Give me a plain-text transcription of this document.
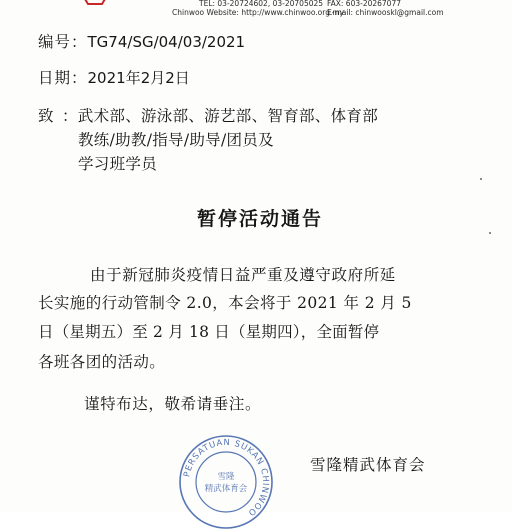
TEL: 03-20724602, 03-20705025
Chinwoo Website: http://www.chinwoo.org.my
FAX: 603-20267077
E-mail: chinwooskl@gmail.com
编号：TG74/SG/04/03/2021
日期：2021年2月2日
致 ：武术部、游泳部、游艺部、智育部、体育部
教练/助教/指导/助导/团员及
学习班学员
暂停活动通告
由于新冠肺炎疫情日益严重及遵守政府所延
长实施的行动管制令 2.0，本会将于 2021 年 2 月 5
日（星期五）至 2 月 18 日（星期四），全面暂停
各班各团的活动。
谨特布达，敬希请垂注。
PERSATUAN SUKAN CHINWOO
雪隆
精武体育会
雪隆精武体育会
